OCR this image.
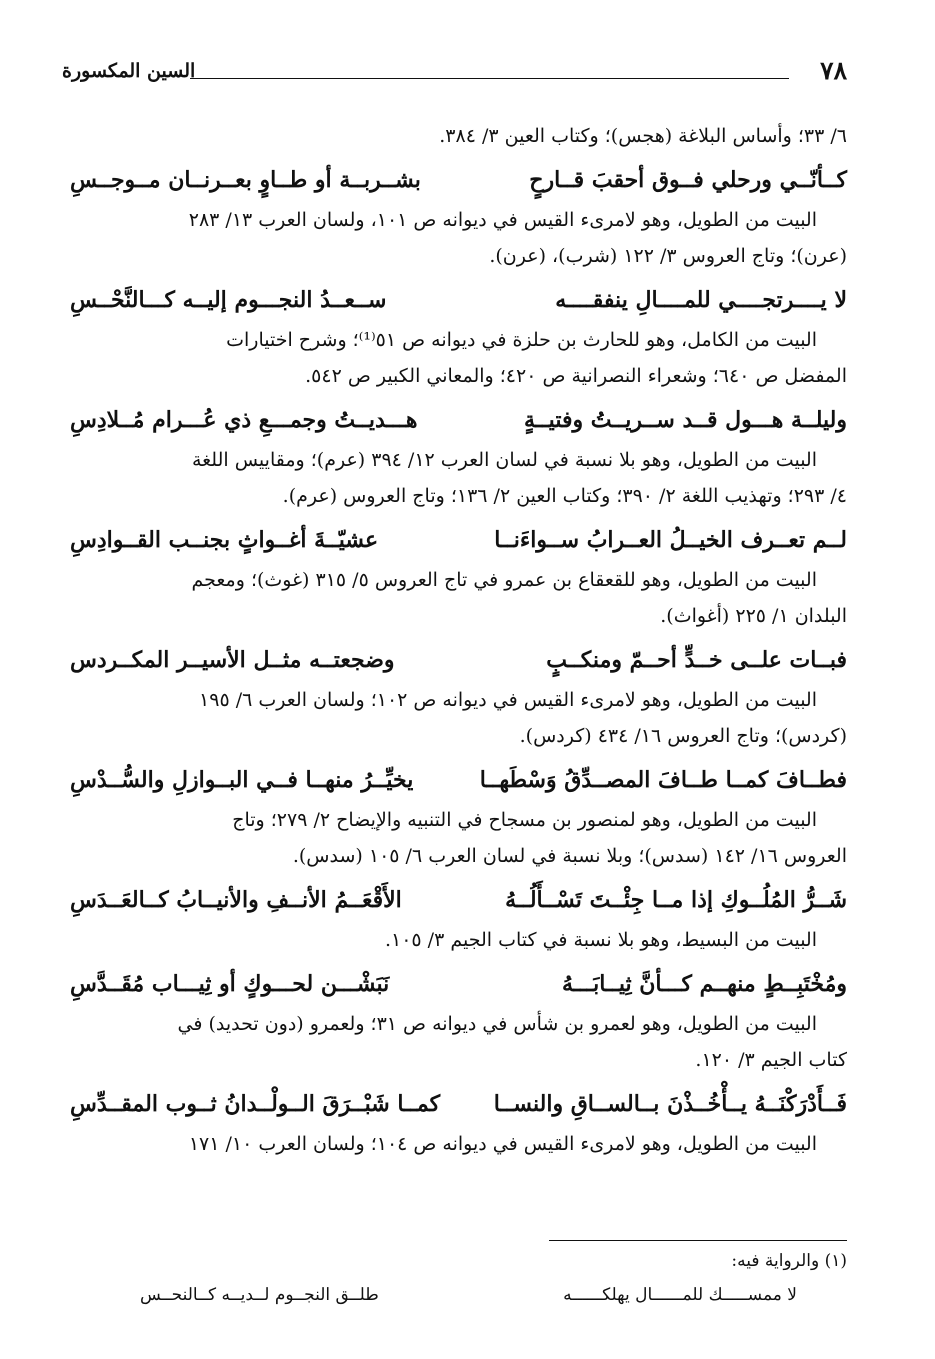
٧٨
السين المكسورة
٦/ ٣٣؛ وأساس البلاغة (هجس)؛ وكتاب العين ٣/ ٣٨٤.
كــأنّــي ورحلي فــوق أحقبَ قــارحٍ
بشــربــة أو طــاوٍ بعــرنــان مــوجــسِ
البيت من الطويل، وهو لامرىء القيس في ديوانه ص ١٠١، ولسان العرب ١٣/ ٢٨٣
(عرن)؛ وتاج العروس ٣/ ١٢٢ (شرب)، (عرن).
لا يــــرتجــــي للمــــالِ ينفقــــه
ســعــدُ النجـــوم إليــه كـــالنَّحْــسِ
البيت من الكامل، وهو للحارث بن حلزة في ديوانه ص ٥١⁽¹⁾؛ وشرح اختيارات
المفضل ص ٦٤٠؛ وشعراء النصرانية ص ٤٢٠؛ والمعاني الكبير ص ٥٤٢.
وليلــة هـــول قــد ســريــتُ وفتيــةٍ
هـــديــتُ وجمـــعِ ذي عُـــرام مُــلادِسِ
البيت من الطويل، وهو بلا نسبة في لسان العرب ١٢/ ٣٩٤ (عرم)؛ ومقاييس اللغة
٤/ ٢٩٣؛ وتهذيب اللغة ٢/ ٣٩٠؛ وكتاب العين ٢/ ١٣٦؛ وتاج العروس (عرم).
لــم تعــرف الخيــلُ العــرابُ ســواءَنــا
عشيّــةَ أغــواثٍ بجنــب القــوادِسِ
البيت من الطويل، وهو للقعقاع بن عمرو في تاج العروس ٥/ ٣١٥ (غوث)؛ ومعجم
البلدان ١/ ٢٢٥ (أغواث).
فبــات علــى خــدٍّ أحــمّ ومنكــبٍ
وضجعتــه مثــل الأسيــر المكــردس
البيت من الطويل، وهو لامرىء القيس في ديوانه ص ١٠٢؛ ولسان العرب ٦/ ١٩٥
(كردس)؛ وتاج العروس ١٦/ ٤٣٤ (كردس).
فطــافَ كمــا طــافَ المصــدِّقُ وَسْطَهــا
يخيِّــرُ منهــا فــي البــوازلِ والسُّــدْسِ
البيت من الطويل، وهو لمنصور بن مسجاح في التنبيه والإيضاح ٢/ ٢٧٩؛ وتاج
العروس ١٦/ ١٤٢ (سدس)؛ وبلا نسبة في لسان العرب ٦/ ١٠٥ (سدس).
شَــرُّ المُلُــوكِ إذا مــا جِئْــتَ تَسْــأَلُــهُ
الأَقْعَــمُ الأنــفِ والأنيــابُ كــالعَــدَسِ
البيت من البسيط، وهو بلا نسبة في كتاب الجيم ٣/ ١٠٥.
ومُخْتَبِــطٍ منهــم كـــأنَّ ثِيــابَـــهُ
نَبَشْـــن لحـــوكٍ أو ثِيـــاب مُقَــدَّسِ
البيت من الطويل، وهو لعمرو بن شأس في ديوانه ص ٣١؛ ولعمرو (دون تحديد) في
كتاب الجيم ٣/ ١٢٠.
فَــأَدْرَكْنَــهُ يــأْخُــذْنَ بــالســاقِ والنســا
كمــا شَبْــرَقَ الــولْــدانُ ثــوب المقــدِّسِ
البيت من الطويل، وهو لامرىء القيس في ديوانه ص ١٠٤؛ ولسان العرب ١٠/ ١٧١
(١) والرواية فيه:
لا ممســـــك للمــــــال يهلكــــــه
طلــق النجــوم لــديــه كــالنحــس
